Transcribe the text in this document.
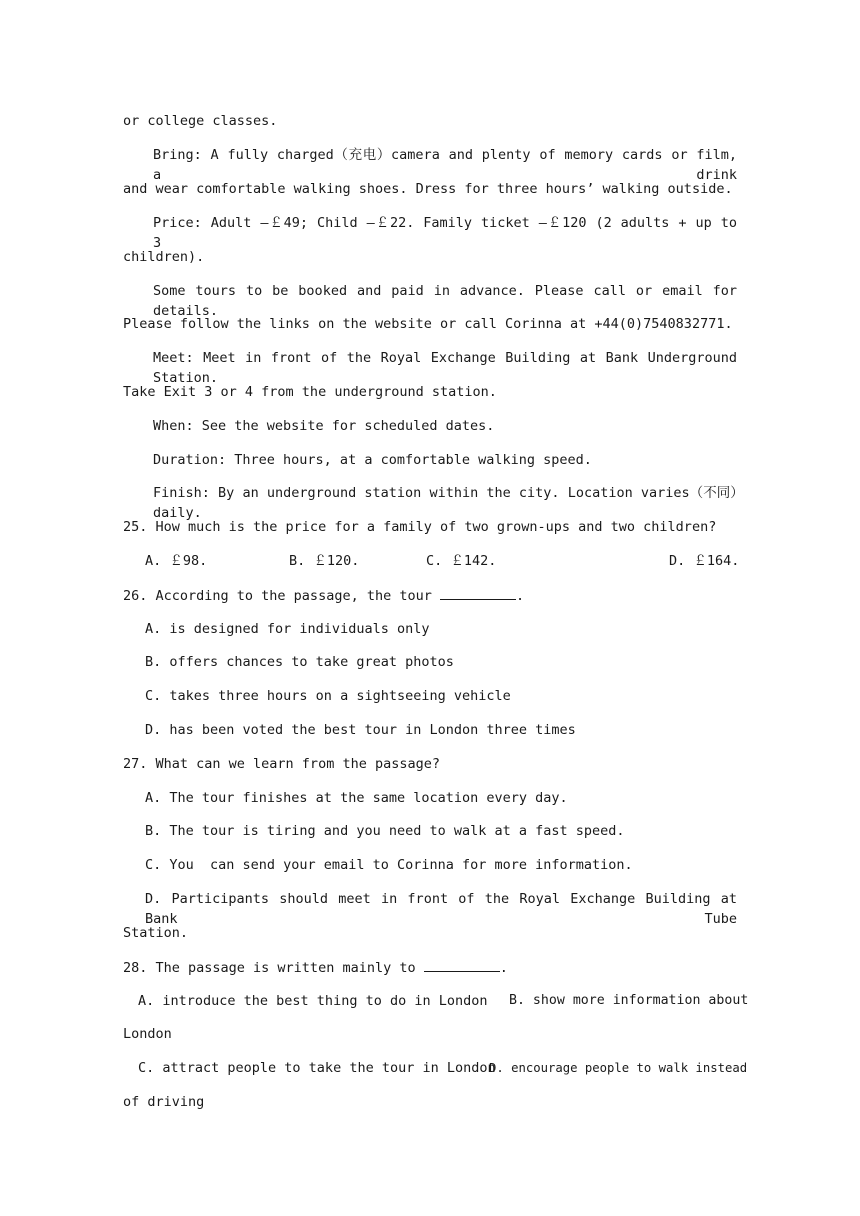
or college classes.
Bring: A fully charged（充电）camera and plenty of memory cards or film, a drink
and wear comfortable walking shoes. Dress for three hours’ walking outside.
Price: Adult —￡49; Child —￡22. Family ticket —￡120 (2 adults + up to 3
children).
Some tours to be booked and paid in advance. Please call or email for details.
Please follow the links on the website or call Corinna at +44(0)7540832771.
Meet: Meet in front of the Royal Exchange Building at Bank Underground Station.
Take Exit 3 or 4 from the underground station.
When: See the website for scheduled dates.
Duration: Three hours, at a comfortable walking speed.
Finish: By an underground station within the city. Location varies（不同）daily.
25. How much is the price for a family of two grown-ups and two children?
A. ￡98.	B. ￡120.	C. ￡142.	D. ￡164.
26. According to the passage, the tour	.
A. is designed for individuals only
B. offers chances to take great photos
C. takes three hours on a sightseeing vehicle
D. has been voted the best tour in London three times
27. What can we learn from the passage?
A. The tour finishes at the same location every day.
B. The tour is tiring and you need to walk at a fast speed.
C. You  can send your email to Corinna for more information.
D. Participants should meet in front of the Royal Exchange Building at Bank Tube
Station.
28. The passage is written mainly to	.
A. introduce the best thing to do in London B. show more information about
London
C. attract people to take the tour in London
D. encourage people to walk instead
of driving
